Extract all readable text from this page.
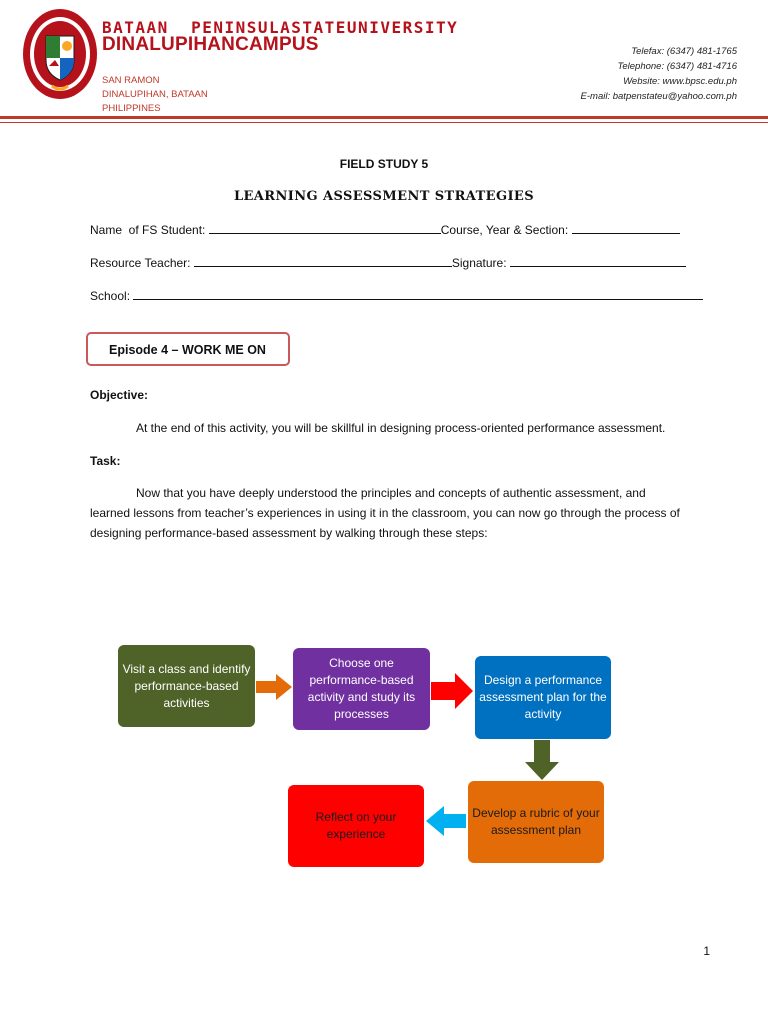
BATAAN  PENINSULASTATEUNIVERSITY
DINALUPIHANCAMPUS
SAN RAMON
DINALUPIHAN, BATAAN
PHILIPPINES
Telefax: (6347) 481-1765
Telephone: (6347) 481-4716
Website: www.bpsc.edu.ph
E-mail: batpenstateu@yahoo.com.ph
FIELD STUDY 5
LEARNING ASSESSMENT STRATEGIES
Name  of FS Student:	Course, Year & Section:
Resource Teacher:	Signature:
School:
Episode 4 – WORK ME ON
Objective:
At the end of this activity, you will be skillful in designing process-oriented performance assessment.
Task:
Now that you have deeply understood the principles and concepts of authentic assessment, and
learned lessons from teacher’s experiences in using it in the classroom, you can now go through the process of
designing performance-based assessment by walking through these steps:
Visit a class and identify performance-based activities
Choose one performance-based activity and study its processes
Design a performance assessment plan for the activity
Develop a rubric of your assessment plan
Reflect on your experience
1
